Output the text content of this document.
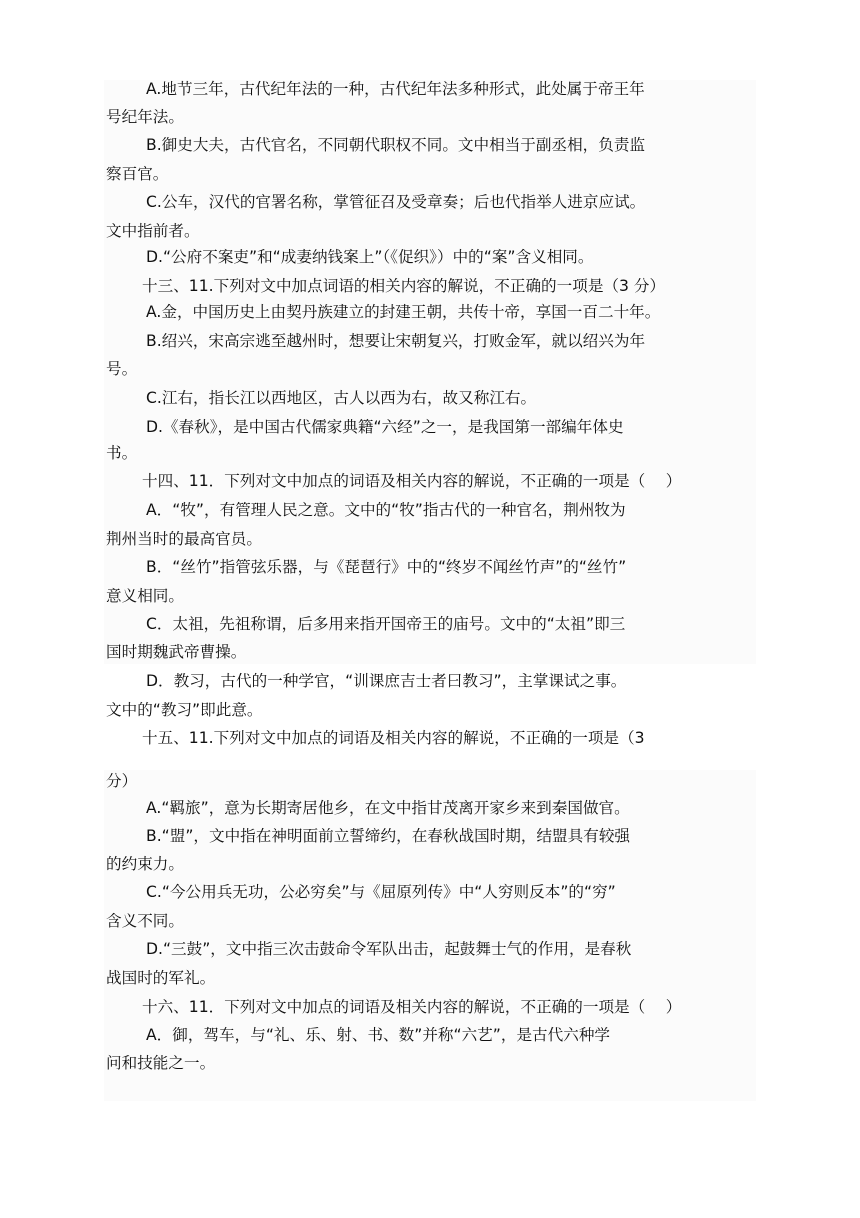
A.地节三年，古代纪年法的一种，古代纪年法多种形式，此处属于帝王年
号纪年法。
B.御史大夫，古代官名，不同朝代职权不同。文中相当于副丞相，负责监
察百官。
C.公车，汉代的官署名称，掌管征召及受章奏；后也代指举人进京应试。
文中指前者。
D.“公府不案吏”和“成妻纳钱案上”（《促织》）中的“案”含义相同。
十三、11.下列对文中加点词语的相关内容的解说，不正确的一项是（3 分）
A.金，中国历史上由契丹族建立的封建王朝，共传十帝，享国一百二十年。
B.绍兴，宋高宗逃至越州时，想要让宋朝复兴，打败金军，就以绍兴为年
号。
C.江右，指长江以西地区，古人以西为右，故又称江右。
D.《春秋》，是中国古代儒家典籍“六经”之一，是我国第一部编年体史
书。
十四、11．下列对文中加点的词语及相关内容的解说，不正确的一项是（　 ）
A．“牧”，有管理人民之意。文中的“牧”指古代的一种官名，荆州牧为
荆州当时的最高官员。
B．“丝竹”指管弦乐器，与《琵琶行》中的“终岁不闻丝竹声”的“丝竹”
意义相同。
C．太祖，先祖称谓，后多用来指开国帝王的庙号。文中的“太祖”即三
国时期魏武帝曹操。
D．教习，古代的一种学官，“训课庶吉士者曰教习”，主掌课试之事。
文中的“教习”即此意。
十五、11.下列对文中加点的词语及相关内容的解说，不正确的一项是（3
分）
A.“羁旅”，意为长期寄居他乡，在文中指甘茂离开家乡来到秦国做官。
B.“盟”，文中指在神明面前立誓缔约，在春秋战国时期，结盟具有较强
的约束力。
C.“今公用兵无功，公必穷矣”与《屈原列传》中“人穷则反本”的“穷”
含义不同。
D.“三鼓”，文中指三次击鼓命令军队出击，起鼓舞士气的作用，是春秋
战国时的军礼。
十六、11．下列对文中加点的词语及相关内容的解说，不正确的一项是（　 ）
A．御，驾车，与“礼、乐、射、书、数”并称“六艺”，是古代六种学
问和技能之一。
